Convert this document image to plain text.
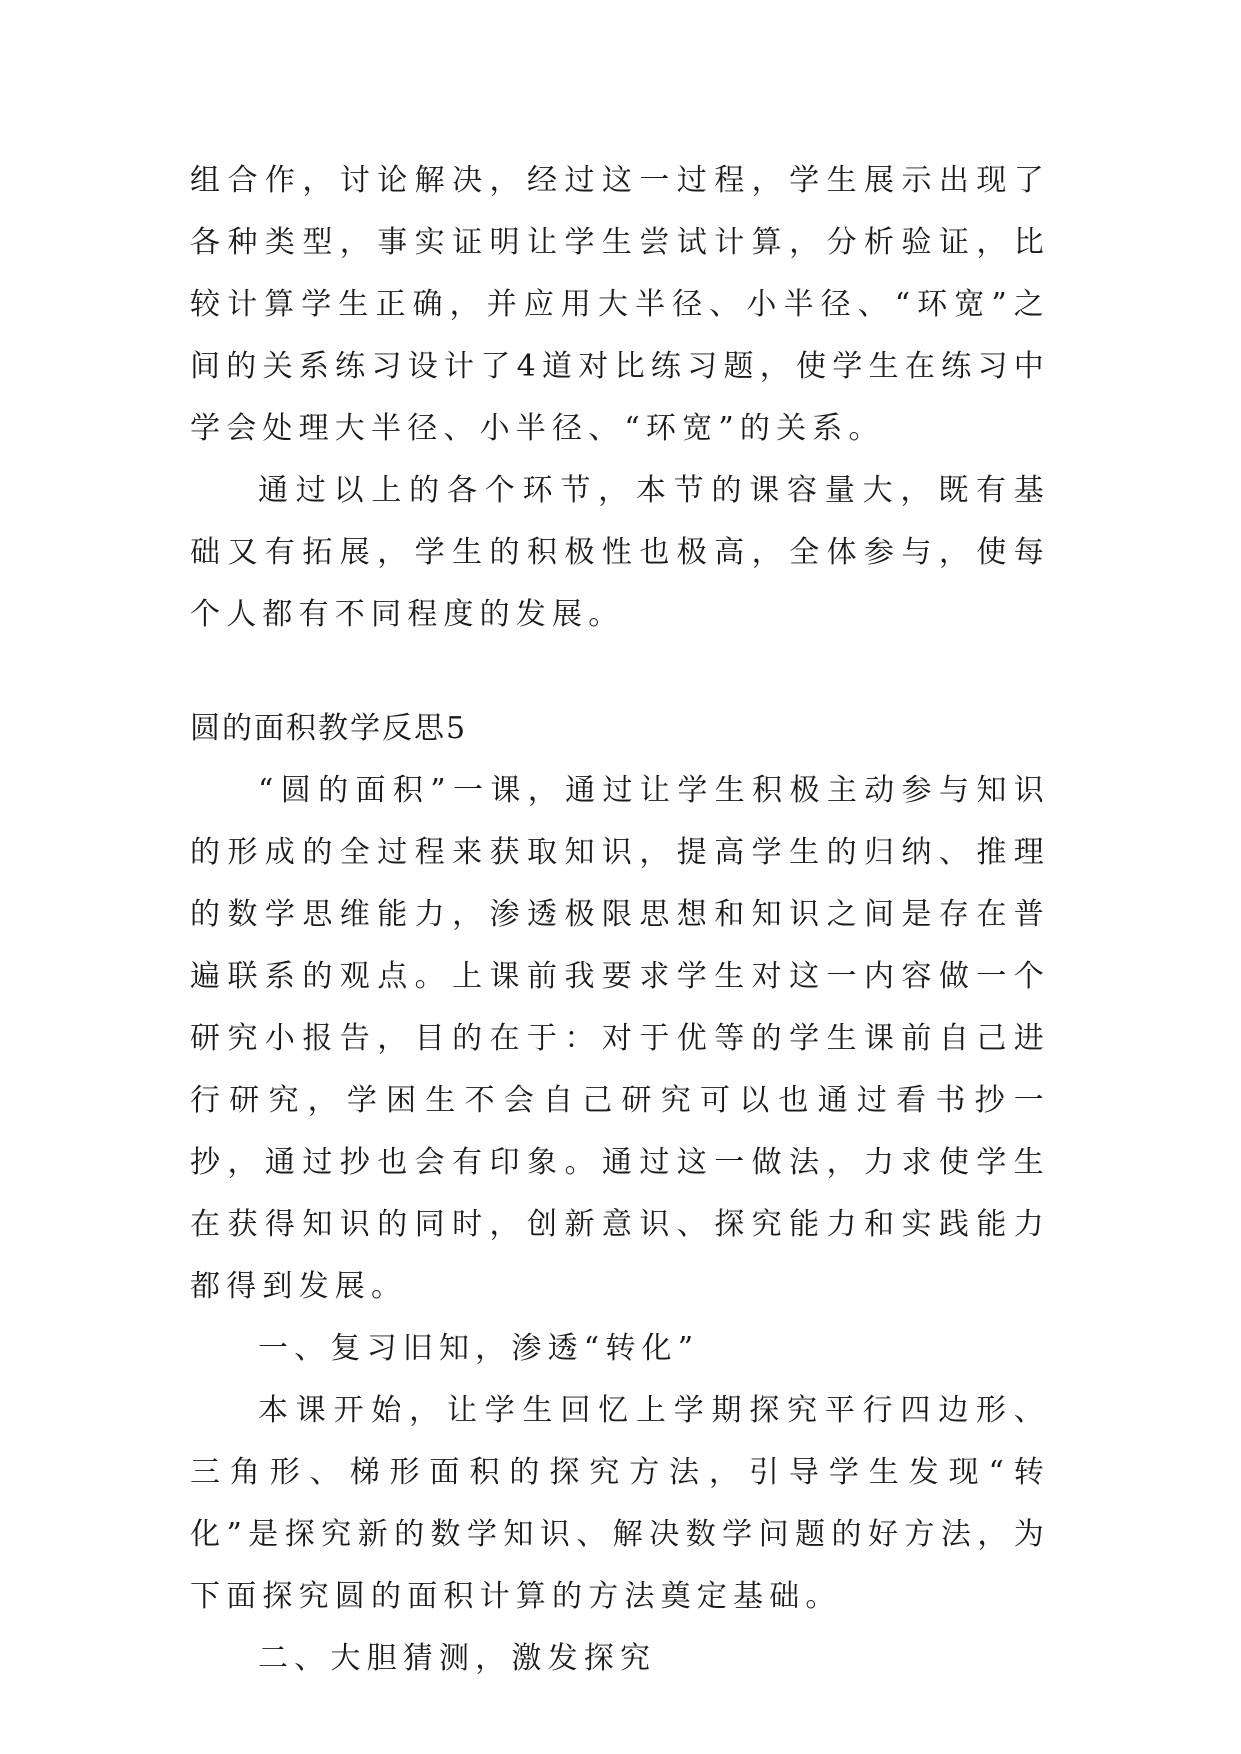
组合作，讨论解决，经过这一过程，学生展示出现了各种类型，事实证明让学生尝试计算，分析验证，比较计算学生正确，并应用大半径、小半径、“环宽”之间的关系练习设计了4道对比练习题，使学生在练习中学会处理大半径、小半径、“环宽”的关系。

通过以上的各个环节，本节的课容量大，既有基础又有拓展，学生的积极性也极高，全体参与，使每个人都有不同程度的发展。

圆的面积教学反思5

“圆的面积”一课，通过让学生积极主动参与知识的形成的全过程来获取知识，提高学生的归纳、推理的数学思维能力，渗透极限思想和知识之间是存在普遍联系的观点。上课前我要求学生对这一内容做一个研究小报告，目的在于：对于优等的学生课前自己进行研究，学困生不会自己研究可以也通过看书抄一抄，通过抄也会有印象。通过这一做法，力求使学生在获得知识的同时，创新意识、探究能力和实践能力都得到发展。

一、复习旧知，渗透“转化”

本课开始，让学生回忆上学期探究平行四边形、三角形、梯形面积的探究方法，引导学生发现“转化”是探究新的数学知识、解决数学问题的好方法，为下面探究圆的面积计算的方法奠定基础。

二、大胆猜测，激发探究
